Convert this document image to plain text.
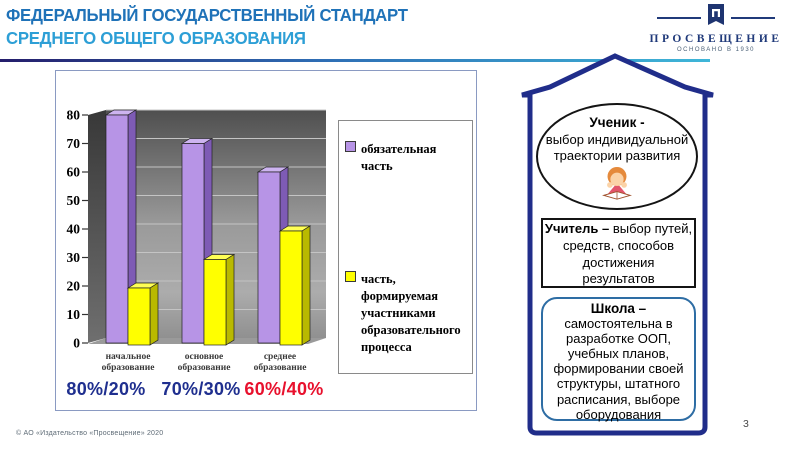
ФЕДЕРАЛЬНЫЙ ГОСУДАРСТВЕННЫЙ СТАНДАРТ
СРЕДНЕГО ОБЩЕГО ОБРАЗОВАНИЯ	ПРОСВЕЩЕНИЕ
ОСНОВАНО В 1930
0
10
20
30
40
50
60
70
80
начальное образование
основное образование
среднее образование
обязательная часть
часть, формируемая участниками образовательного процесса
80%/20% 70%/30% 60%/40%
Ученик -
выбор индивидуальной
траектории развития
Учитель – выбор путей,
средств, способов
достижения
результатов
Школа –
самостоятельна в
разработке ООП,
учебных планов,
формировании своей
структуры, штатного
расписания, выборе
оборудования
© АО «Издательство «Просвещение» 2020
3
